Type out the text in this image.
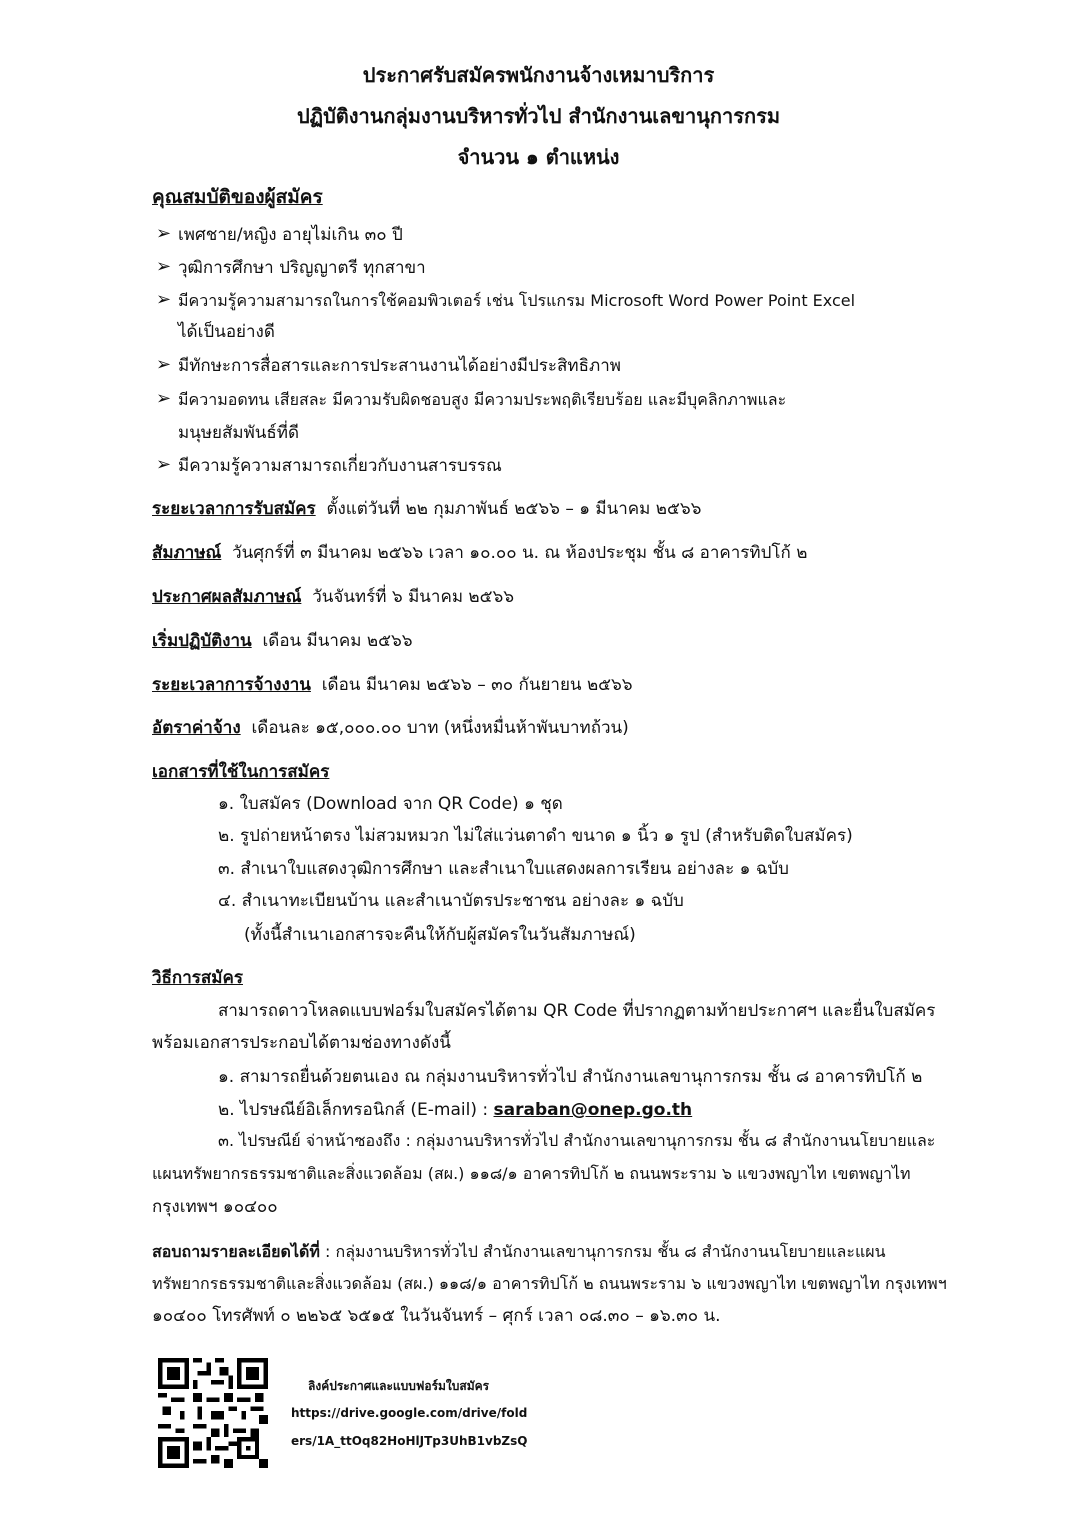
ประกาศรับสมัครพนักงานจ้างเหมาบริการ
ปฏิบัติงานกลุ่มงานบริหารทั่วไป สำนักงานเลขานุการกรม
จำนวน ๑ ตำแหน่ง
คุณสมบัติของผู้สมัคร
➢ เพศชาย/หญิง อายุไม่เกิน ๓๐ ปี
➢ วุฒิการศึกษา ปริญญาตรี ทุกสาขา
➢ มีความรู้ความสามารถในการใช้คอมพิวเตอร์ เช่น โปรแกรม Microsoft Word Power Point Excel
ได้เป็นอย่างดี
➢ มีทักษะการสื่อสารและการประสานงานได้อย่างมีประสิทธิภาพ
➢ มีความอดทน เสียสละ มีความรับผิดชอบสูง มีความประพฤติเรียบร้อย และมีบุคลิกภาพและ
มนุษยสัมพันธ์ที่ดี
➢ มีความรู้ความสามารถเกี่ยวกับงานสารบรรณ
ระยะเวลาการรับสมัคร ตั้งแต่วันที่ ๒๒ กุมภาพันธ์ ๒๕๖๖ – ๑ มีนาคม ๒๕๖๖
สัมภาษณ์ วันศุกร์ที่ ๓ มีนาคม ๒๕๖๖ เวลา ๑๐.๐๐ น. ณ ห้องประชุม ชั้น ๘ อาคารทิปโก้ ๒
ประกาศผลสัมภาษณ์ วันจันทร์ที่ ๖ มีนาคม ๒๕๖๖
เริ่มปฏิบัติงาน เดือน มีนาคม ๒๕๖๖
ระยะเวลาการจ้างงาน เดือน มีนาคม ๒๕๖๖ – ๓๐ กันยายน ๒๕๖๖
อัตราค่าจ้าง เดือนละ ๑๕,๐๐๐.๐๐ บาท (หนึ่งหมื่นห้าพันบาทถ้วน)
เอกสารที่ใช้ในการสมัคร
๑. ใบสมัคร (Download จาก QR Code) ๑ ชุด
๒. รูปถ่ายหน้าตรง ไม่สวมหมวก ไม่ใส่แว่นตาดำ ขนาด ๑ นิ้ว ๑ รูป (สำหรับติดใบสมัคร)
๓. สำเนาใบแสดงวุฒิการศึกษา และสำเนาใบแสดงผลการเรียน อย่างละ ๑ ฉบับ
๔. สำเนาทะเบียนบ้าน และสำเนาบัตรประชาชน อย่างละ ๑ ฉบับ
(ทั้งนี้สำเนาเอกสารจะคืนให้กับผู้สมัครในวันสัมภาษณ์)
วิธีการสมัคร
สามารถดาวโหลดแบบฟอร์มใบสมัครได้ตาม QR Code ที่ปรากฏตามท้ายประกาศฯ และยื่นใบสมัคร
พร้อมเอกสารประกอบได้ตามช่องทางดังนี้
๑. สามารถยื่นด้วยตนเอง ณ กลุ่มงานบริหารทั่วไป สำนักงานเลขานุการกรม ชั้น ๘ อาคารทิปโก้ ๒
๒. ไปรษณีย์อิเล็กทรอนิกส์ (E-mail) : saraban@onep.go.th
๓. ไปรษณีย์ จ่าหน้าซองถึง : กลุ่มงานบริหารทั่วไป สำนักงานเลขานุการกรม ชั้น ๘ สำนักงานนโยบายและ
แผนทรัพยากรธรรมชาติและสิ่งแวดล้อม (สผ.) ๑๑๘/๑ อาคารทิปโก้ ๒ ถนนพระราม ๖ แขวงพญาไท เขตพญาไท
กรุงเทพฯ ๑๐๔๐๐
สอบถามรายละเอียดได้ที่ : กลุ่มงานบริหารทั่วไป สำนักงานเลขานุการกรม ชั้น ๘ สำนักงานนโยบายและแผน
ทรัพยากรธรรมชาติและสิ่งแวดล้อม (สผ.) ๑๑๘/๑ อาคารทิปโก้ ๒ ถนนพระราม ๖ แขวงพญาไท เขตพญาไท กรุงเทพฯ
๑๐๔๐๐ โทรศัพท์ ๐ ๒๒๖๕ ๖๕๑๕ ในวันจันทร์ – ศุกร์ เวลา ๐๘.๓๐ – ๑๖.๓๐ น.
ลิงค์ประกาศและแบบฟอร์มใบสมัคร
https://drive.google.com/drive/fold
ers/1A_ttOq82HoHlJTp3UhB1vbZsQ
